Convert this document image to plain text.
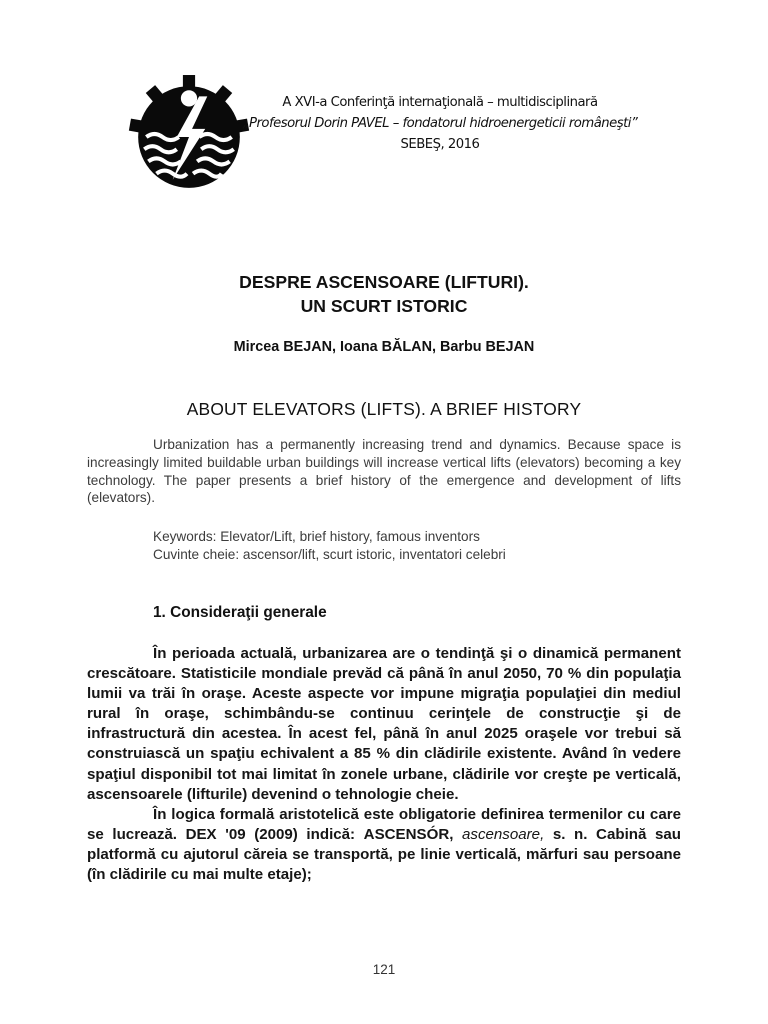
A XVI-a Conferinţă internaţională – multidisciplinară
„Profesorul Dorin PAVEL – fondatorul hidroenergeticii româneşti”
SEBEŞ, 2016
DESPRE ASCENSOARE (LIFTURI).
UN SCURT ISTORIC
Mircea BEJAN, Ioana BĂLAN, Barbu BEJAN
ABOUT ELEVATORS (LIFTS). A BRIEF HISTORY
Urbanization has a permanently increasing trend and dynamics. Because space is increasingly limited buildable urban buildings will increase vertical lifts (elevators) becoming a key technology. The paper presents a brief history of the emergence and development of lifts (elevators).
Keywords: Elevator/Lift, brief history, famous inventors
Cuvinte cheie: ascensor/lift, scurt istoric, inventatori celebri
1. Consideraţii generale

În perioada actuală, urbanizarea are o tendinţă şi o dinamică permanent crescătoare. Statisticile mondiale prevăd că până în anul 2050, 70 % din populaţia lumii va trăi în oraşe. Aceste aspecte vor impune migraţia populaţiei din mediul rural în oraşe, schimbându-se continuu cerinţele de construcţie şi de infrastructură din acestea. În acest fel, până în anul 2025 oraşele vor trebui să construiască un spaţiu echivalent a 85 % din clădirile existente. Având în vedere spaţiul disponibil tot mai limitat în zonele urbane, clădirile vor creşte pe verticală, ascensoarele (lifturile) devenind o tehnologie cheie.

În logica formală aristotelică este obligatorie definirea termenilor cu care se lucrează. DEX '09 (2009) indică: ASCENSÓR, ascensoare, s. n. Cabină sau platformă cu ajutorul căreia se transportă, pe linie verticală, mărfuri sau persoane (în clădirile cu mai multe etaje);

121
